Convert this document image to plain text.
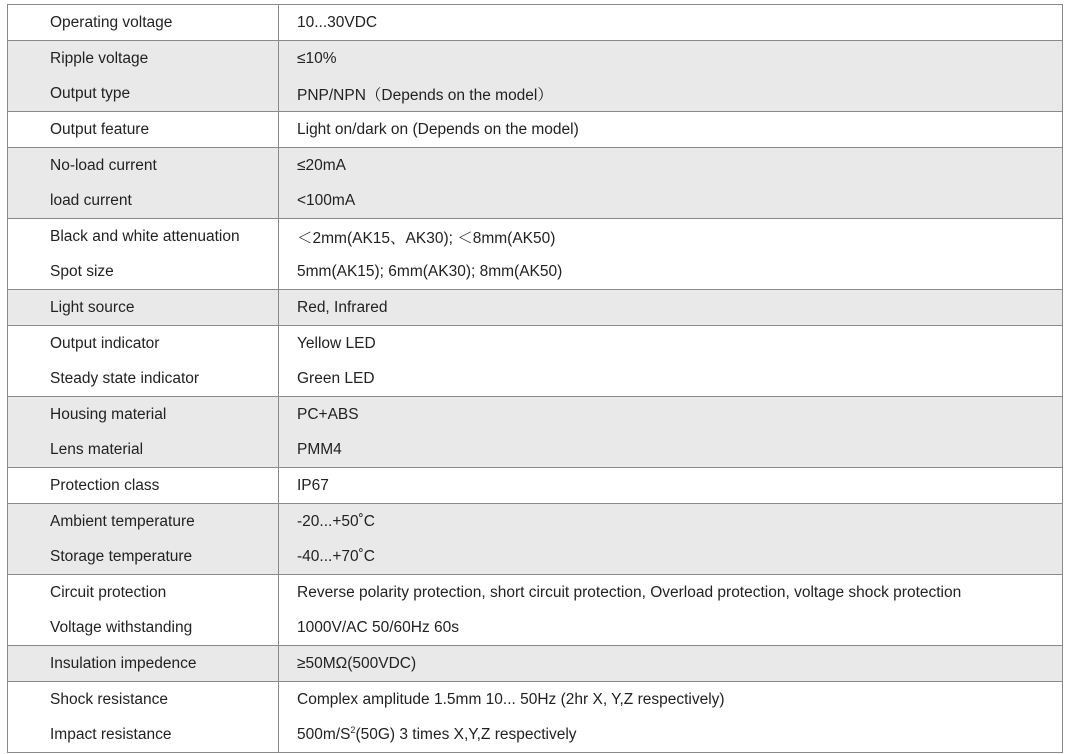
Operating voltage	10...30VDC
Ripple voltage	≤10%
Output type	PNP/NPN（Depends on the model）
Output feature	Light on/dark on (Depends on the model)
No-load current	≤20mA
load current	<100mA
Black and white attenuation	＜2mm(AK15、AK30); ＜8mm(AK50)
Spot size	5mm(AK15); 6mm(AK30); 8mm(AK50)
Light source	Red, Infrared
Output indicator	Yellow LED
Steady state indicator	Green LED
Housing material	PC+ABS
Lens material	PMM4
Protection class	IP67
Ambient temperature	-20...+50˚C
Storage temperature	-40...+70˚C
Circuit protection	Reverse polarity protection, short circuit protection, Overload protection, voltage shock protection
Voltage withstanding	1000V/AC 50/60Hz 60s
Insulation impedence	≥50MΩ(500VDC)
Shock resistance	Complex amplitude 1.5mm 10... 50Hz (2hr X, Y,Z respectively)
Impact resistance	$500m/S^2(50G)$ 3 times X,Y,Z respectively
